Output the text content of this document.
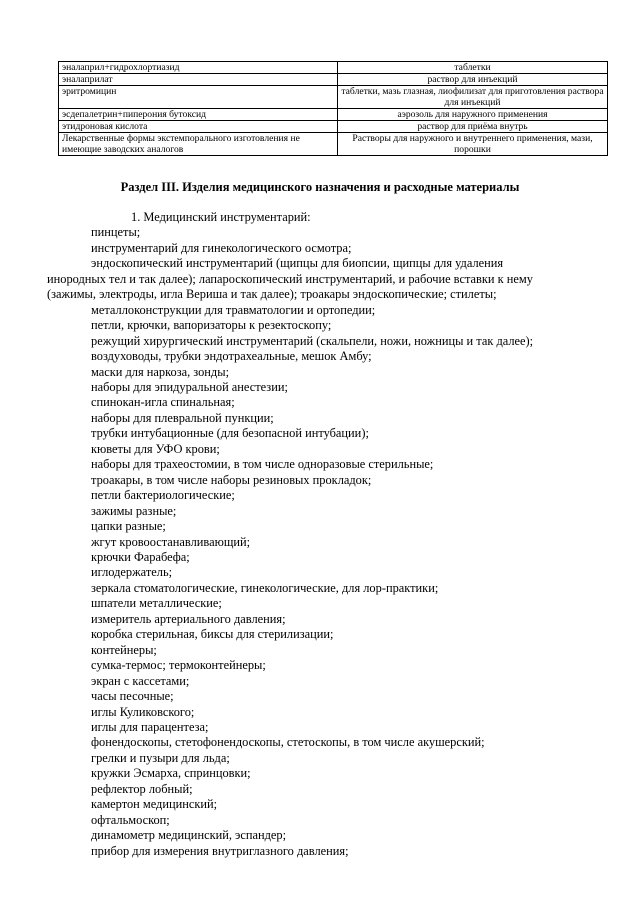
эналаприл+гидрохлортиазид	таблетки
эналаприлат	раствор для инъекций
эритромицин	таблетки, мазь глазная, лиофилизат для приготовления раствора для инъекций
эсдепалетрин+пиперония бутоксид	аэрозоль для наружного применения
этидроновая кислота	раствор для приёма внутрь
Лекарственные формы экстемпорального изготовления не имеющие заводских аналогов	Растворы для наружного и внутреннего применения, мази, порошки
Раздел III. Изделия медицинского назначения и расходные материалы
1. Медицинский инструментарий:
пинцеты;
инструментарий для гинекологического осмотра;
эндоскопический инструментарий (щипцы для биопсии, щипцы для удаления
инородных тел и так далее); лапароскопический инструментарий, и рабочие вставки к нему
(зажимы, электроды, игла Вериша и так далее); троакары эндоскопические; стилеты;
металлоконструкции для травматологии и ортопедии;
петли, крючки, вапоризаторы к резектоскопу;
режущий хирургический инструментарий (скальпели, ножи, ножницы и так далее);
воздуховоды, трубки эндотрахеальные, мешок Амбу;
маски для наркоза, зонды;
наборы для эпидуральной анестезии;
спинокан-игла спинальная;
наборы для плевральной пункции;
трубки интубационные (для безопасной интубации);
кюветы для УФО крови;
наборы для трахеостомии, в том числе одноразовые стерильные;
троакары, в том числе наборы резиновых прокладок;
петли бактериологические;
зажимы разные;
цапки разные;
жгут кровоостанавливающий;
крючки Фарабефа;
иглодержатель;
зеркала стоматологические, гинекологические, для лор-практики;
шпатели металлические;
измеритель артериального давления;
коробка стерильная, биксы для стерилизации;
контейнеры;
сумка-термос; термоконтейнеры;
экран с кассетами;
часы песочные;
иглы Куликовского;
иглы для парацентеза;
фонендоскопы, стетофонендоскопы, стетоскопы, в том числе акушерский;
грелки и пузыри для льда;
кружки Эсмарха, спринцовки;
рефлектор лобный;
камертон медицинский;
офтальмоскоп;
динамометр медицинский, эспандер;
прибор для измерения внутриглазного давления;
